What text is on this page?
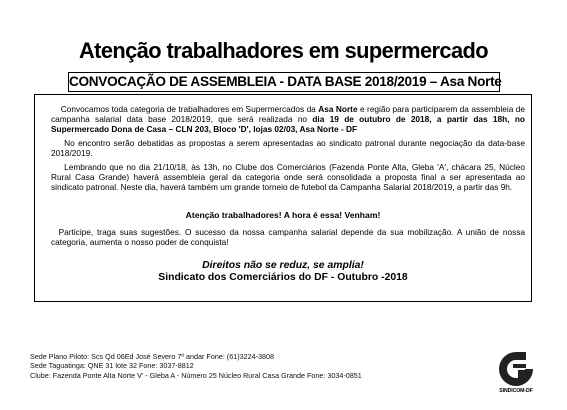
Atenção trabalhadores em supermercado
CONVOCAÇÃO DE ASSEMBLEIA - DATA BASE 2018/2019 – Asa Norte
Convocamos toda categoria de trabalhadores em Supermercados da Asa Norte e região para participarem da assembleia de campanha salarial data base 2018/2019, que será realizada no dia 19 de outubro de 2018, a partir das 18h, no Supermercado Dona de Casa – CLN 203, Bloco 'D', lojas 02/03, Asa Norte - DF
No encontro serão debatidas as propostas a serem apresentadas ao sindicato patronal durante negociação da data-base 2018/2019.
Lembrando que no dia 21/10/18, às 13h, no Clube dos Comerciários (Fazenda Ponte Alta, Gleba 'A', chácara 25, Núcleo Rural Casa Grande) haverá assembleia geral da categoria onde será consolidada a proposta final a ser apresentada ao sindicato patronal. Neste dia, haverá também um grande torneio de futebol da Campanha Salarial 2018/2019, a partir das 9h.
Atenção trabalhadores! A hora é essa! Venham!
Participe, traga suas sugestões. O sucesso da nossa campanha salarial depende da sua mobilização. A união de nossa categoria, aumenta o nosso poder de conquista!
Direitos não se reduz, se amplia!
Sindicato dos Comerciários do DF - Outubro -2018
Sede Plano Piloto: Scs Qd 06Ed José Severo 7º andar Fone: (61)3224-3808
Sede Taguatinga: QNE 31 lote 32 Fone: 3037-8812
Clube: Fazenda Ponte Alta Norte V' - Gleba A - Número 25 Núcleo Rural Casa Grande Fone: 3034-0851
SINDICOM-DF
